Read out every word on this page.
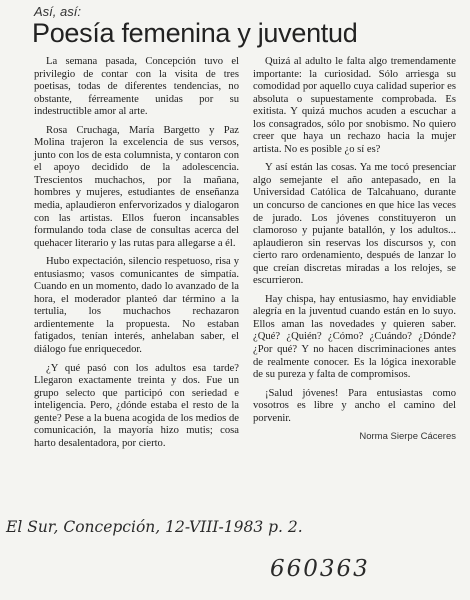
Así, así:
Poesía femenina y juventud

La semana pasada, Concepción tuvo el privilegio de contar con la visita de tres poetisas, todas de diferentes tendencias, no obstante, férreamente unidas por su indestructible amor al arte.

Rosa Cruchaga, María Bargetto y Paz Molina trajeron la excelencia de sus versos, junto con los de esta columnista, y contaron con el apoyo decidido de la adolescencia. Trescientos muchachos, por la mañana, hombres y mujeres, estudiantes de enseñanza media, aplaudieron enfervorizados y dialogaron con las artistas. Ellos fueron incansables formulando toda clase de consultas acerca del quehacer literario y las rutas para allegarse a él.

Hubo expectación, silencio respetuoso, risa y entusiasmo; vasos comunicantes de simpatía. Cuando en un momento, dado lo avanzado de la hora, el moderador planteó dar término a la tertulia, los muchachos rechazaron ardientemente la propuesta. No estaban fatigados, tenían interés, anhelaban saber, el diálogo fue enriquecedor.

¿Y qué pasó con los adultos esa tarde? Llegaron exactamente treinta y dos. Fue un grupo selecto que participó con seriedad e inteligencia. Pero, ¿dónde estaba el resto de la gente? Pese a la buena acogida de los medios de comunicación, la mayoría hizo mutis; cosa harto desalentadora, por cierto.

Quizá al adulto le falta algo tremendamente importante: la curiosidad. Sólo arriesga su comodidad por aquello cuya calidad superior es absoluta o supuestamente comprobada. Es exitista. Y quizá muchos acuden a escuchar a los consagrados, sólo por snobismo. No quiero creer que haya un rechazo hacia la mujer artista. No es posible ¿o sí es?

Y así están las cosas. Ya me tocó presenciar algo semejante el año antepasado, en la Universidad Católica de Talcahuano, durante un concurso de canciones en que hice las veces de jurado. Los jóvenes constituyeron un clamoroso y pujante batallón, y los adultos... aplaudieron sin reservas los discursos y, con cierto raro ordenamiento, después de lanzar lo que creían discretas miradas a los relojes, se escurrieron.

Hay chispa, hay entusiasmo, hay envidiable alegría en la juventud cuando están en lo suyo. Ellos aman las novedades y quieren saber. ¿Qué? ¿Quién? ¿Cómo? ¿Cuándo? ¿Dónde? ¿Por qué? Y no hacen discriminaciones antes de realmente conocer. Es la lógica inexorable de su pureza y falta de compromisos.

¡Salud jóvenes! Para entusiastas como vosotros es libre y ancho el camino del porvenir.

Norma Sierpe Cáceres
El Sur, Concepción, 12-VIII-1983 p. 2.
660363
